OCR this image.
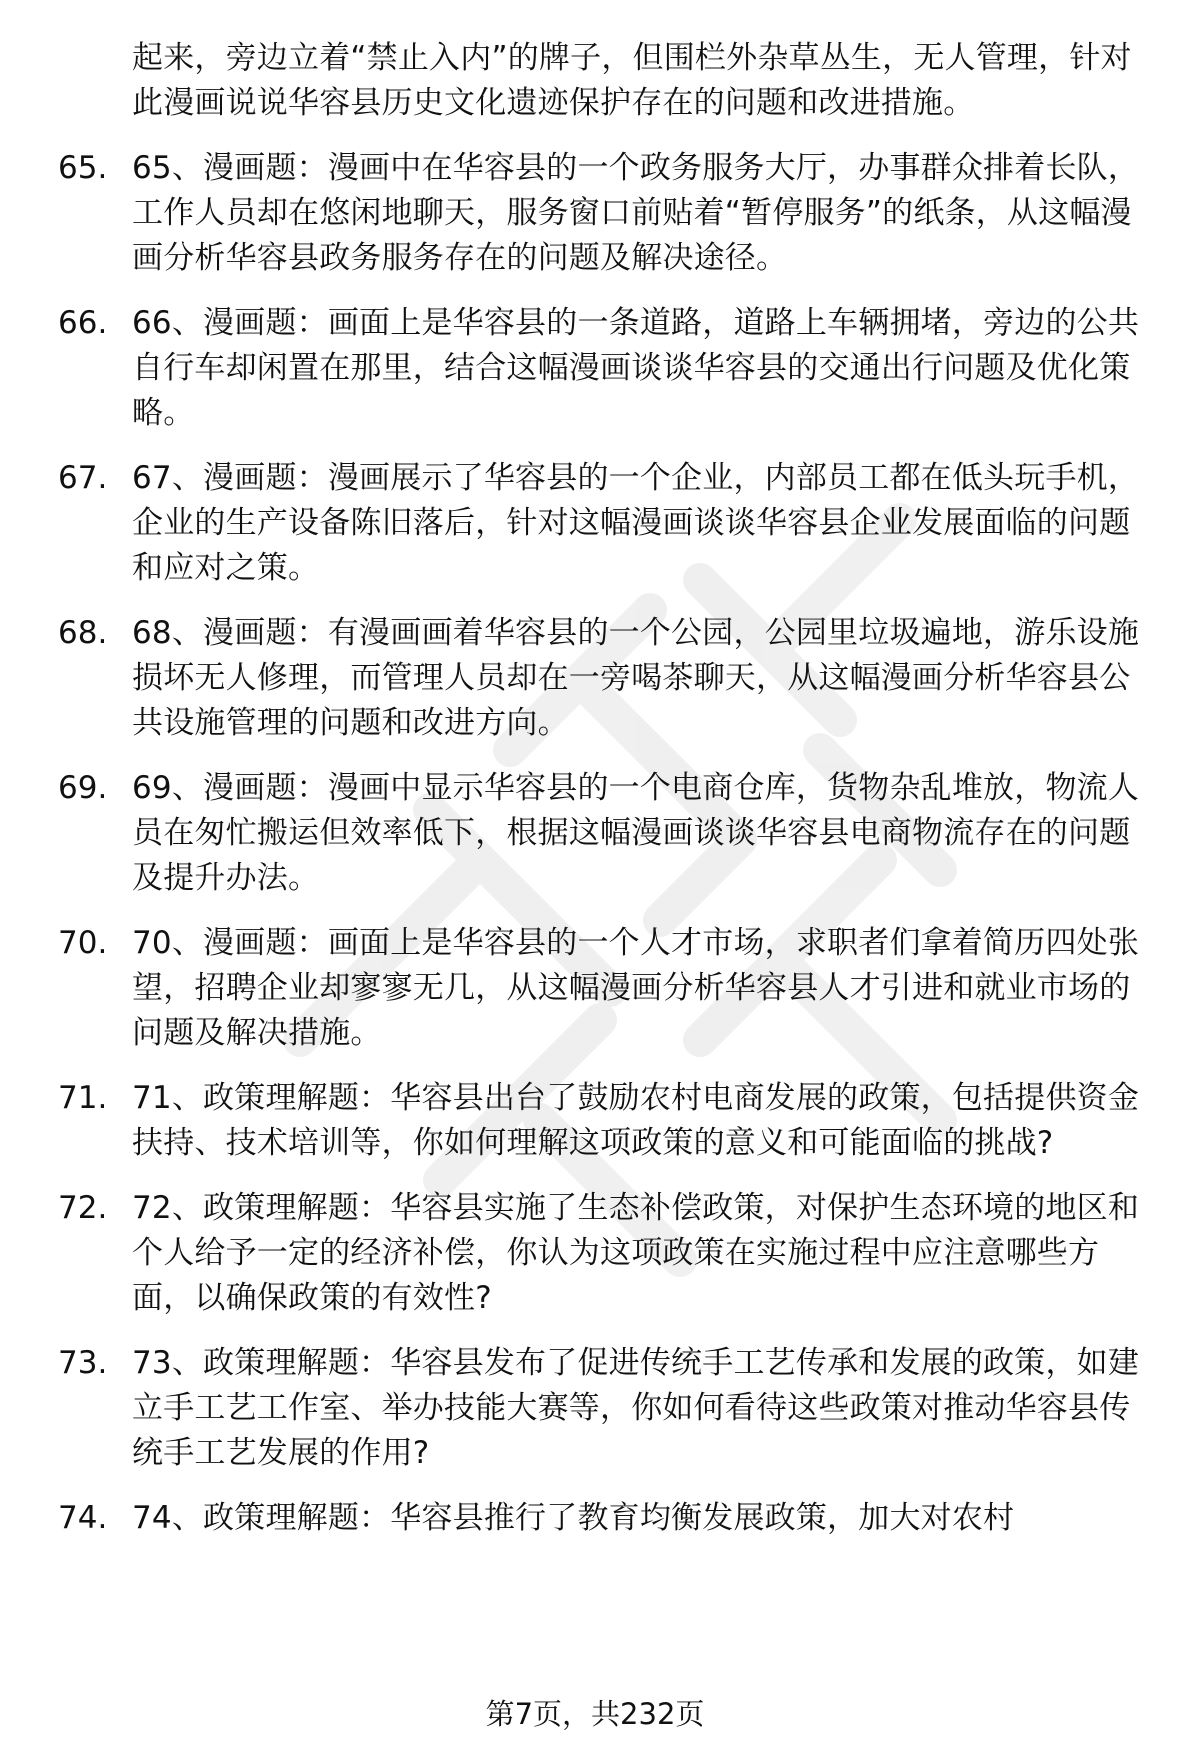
起来，旁边立着“禁止入内”的牌子，但围栏外杂草丛生，无人管理，针对此漫画说说华容县历史文化遗迹保护存在的问题和改进措施。
65. 65、漫画题：漫画中在华容县的一个政务服务大厅，办事群众排着长队，工作人员却在悠闲地聊天，服务窗口前贴着“暂停服务”的纸条，从这幅漫画分析华容县政务服务存在的问题及解决途径。
66. 66、漫画题：画面上是华容县的一条道路，道路上车辆拥堵，旁边的公共自行车却闲置在那里，结合这幅漫画谈谈华容县的交通出行问题及优化策略。
67. 67、漫画题：漫画展示了华容县的一个企业，内部员工都在低头玩手机，企业的生产设备陈旧落后，针对这幅漫画谈谈华容县企业发展面临的问题和应对之策。
68. 68、漫画题：有漫画画着华容县的一个公园，公园里垃圾遍地，游乐设施损坏无人修理，而管理人员却在一旁喝茶聊天，从这幅漫画分析华容县公共设施管理的问题和改进方向。
69. 69、漫画题：漫画中显示华容县的一个电商仓库，货物杂乱堆放，物流人员在匆忙搬运但效率低下，根据这幅漫画谈谈华容县电商物流存在的问题及提升办法。
70. 70、漫画题：画面上是华容县的一个人才市场，求职者们拿着简历四处张望，招聘企业却寥寥无几，从这幅漫画分析华容县人才引进和就业市场的问题及解决措施。
71. 71、政策理解题：华容县出台了鼓励农村电商发展的政策，包括提供资金扶持、技术培训等，你如何理解这项政策的意义和可能面临的挑战?
72. 72、政策理解题：华容县实施了生态补偿政策，对保护生态环境的地区和个人给予一定的经济补偿，你认为这项政策在实施过程中应注意哪些方面，以确保政策的有效性?
73. 73、政策理解题：华容县发布了促进传统手工艺传承和发展的政策，如建立手工艺工作室、举办技能大赛等，你如何看待这些政策对推动华容县传统手工艺发展的作用?
74. 74、政策理解题：华容县推行了教育均衡发展政策，加大对农村
第7页，共232页
